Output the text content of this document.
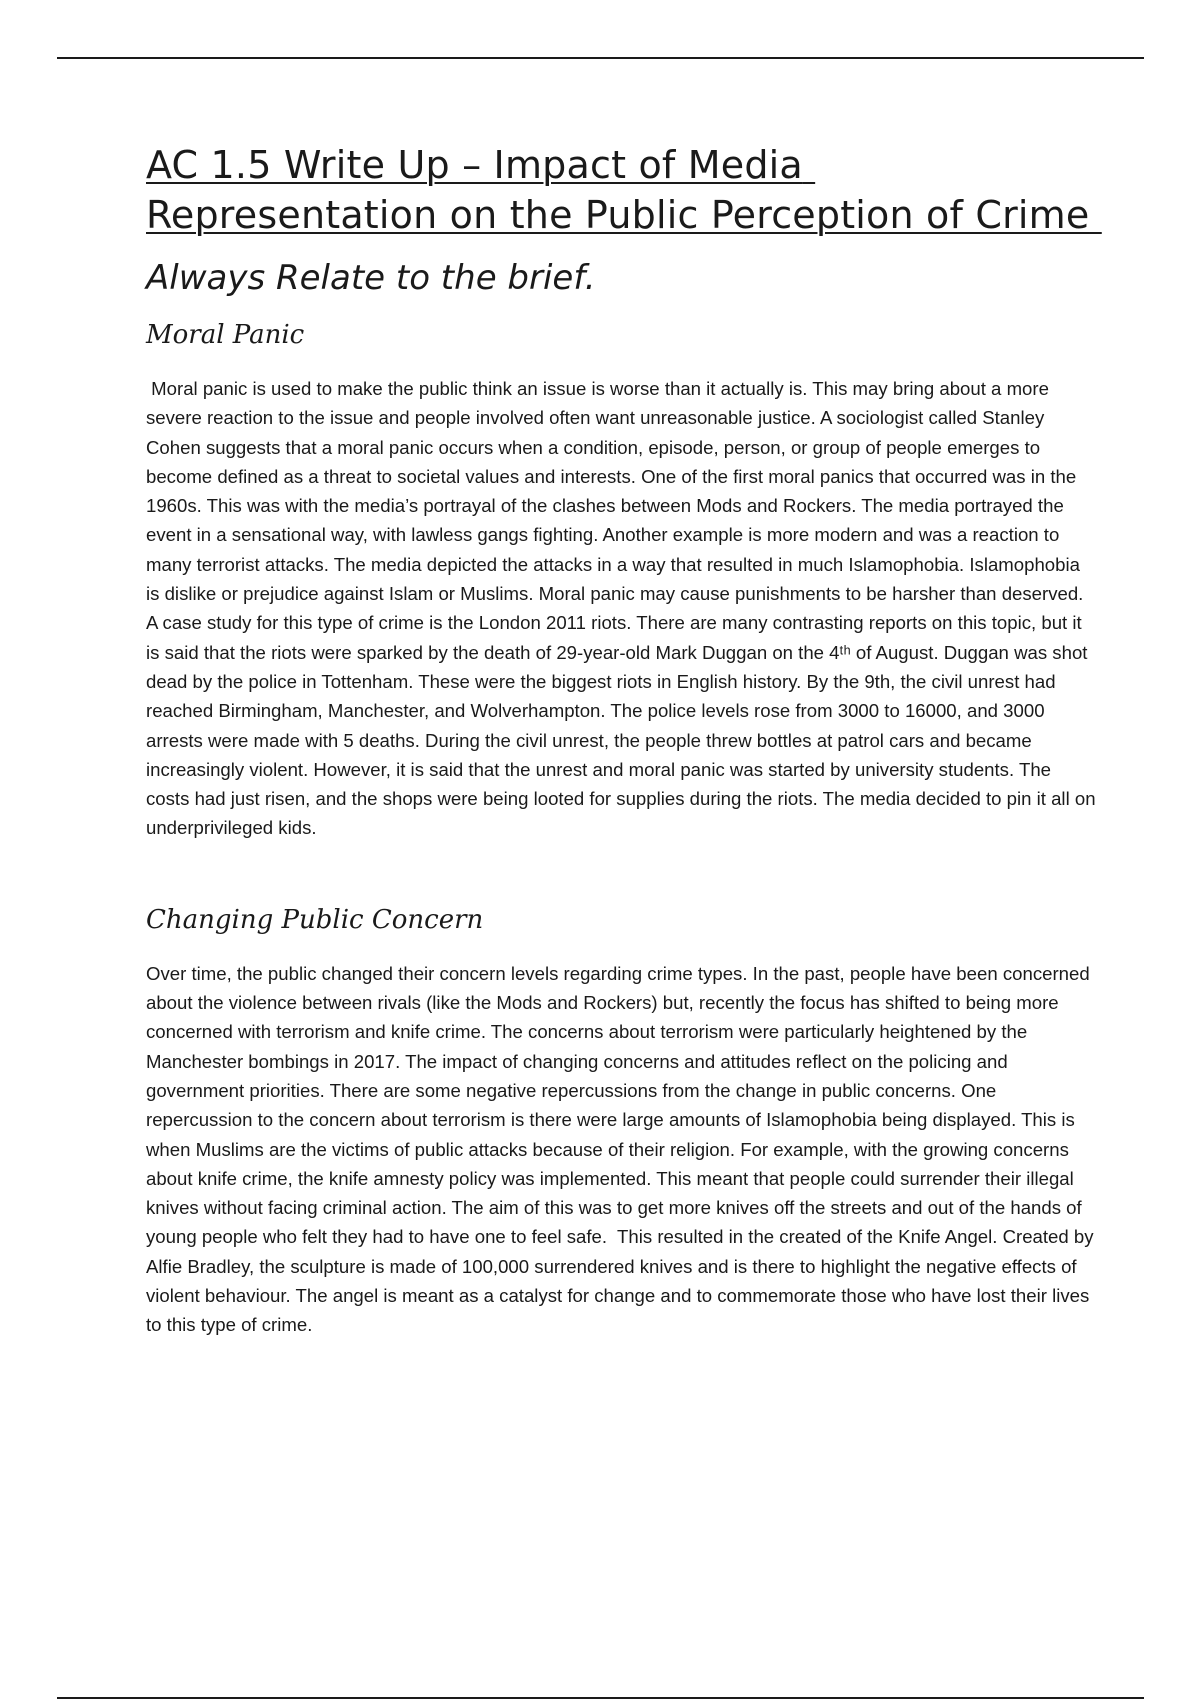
AC 1.5 Write Up – Impact of Media Representation on the Public Perception of Crime
Always Relate to the brief.
Moral Panic

Moral panic is used to make the public think an issue is worse than it actually is. This may bring about a more severe reaction to the issue and people involved often want unreasonable justice. A sociologist called Stanley Cohen suggests that a moral panic occurs when a condition, episode, person, or group of people emerges to become defined as a threat to societal values and interests. One of the first moral panics that occurred was in the 1960s. This was with the media’s portrayal of the clashes between Mods and Rockers. The media portrayed the event in a sensational way, with lawless gangs fighting. Another example is more modern and was a reaction to many terrorist attacks. The media depicted the attacks in a way that resulted in much Islamophobia. Islamophobia is dislike or prejudice against Islam or Muslims. Moral panic may cause punishments to be harsher than deserved. A case study for this type of crime is the London 2011 riots. There are many contrasting reports on this topic, but it is said that the riots were sparked by the death of 29-year-old Mark Duggan on the 4ᵗʰ of August. Duggan was shot dead by the police in Tottenham. These were the biggest riots in English history. By the 9th, the civil unrest had reached Birmingham, Manchester, and Wolverhampton. The police levels rose from 3000 to 16000, and 3000 arrests were made with 5 deaths. During the civil unrest, the people threw bottles at patrol cars and became increasingly violent. However, it is said that the unrest and moral panic was started by university students. The costs had just risen, and the shops were being looted for supplies during the riots. The media decided to pin it all on underprivileged kids.

Changing Public Concern

Over time, the public changed their concern levels regarding crime types. In the past, people have been concerned about the violence between rivals (like the Mods and Rockers) but, recently the focus has shifted to being more concerned with terrorism and knife crime. The concerns about terrorism were particularly heightened by the Manchester bombings in 2017. The impact of changing concerns and attitudes reflect on the policing and government priorities. There are some negative repercussions from the change in public concerns. One repercussion to the concern about terrorism is there were large amounts of Islamophobia being displayed. This is when Muslims are the victims of public attacks because of their religion. For example, with the growing concerns about knife crime, the knife amnesty policy was implemented. This meant that people could surrender their illegal knives without facing criminal action. The aim of this was to get more knives off the streets and out of the hands of young people who felt they had to have one to feel safe.  This resulted in the created of the Knife Angel. Created by Alfie Bradley, the sculpture is made of 100,000 surrendered knives and is there to highlight the negative effects of violent behaviour. The angel is meant as a catalyst for change and to commemorate those who have lost their lives to this type of crime.
